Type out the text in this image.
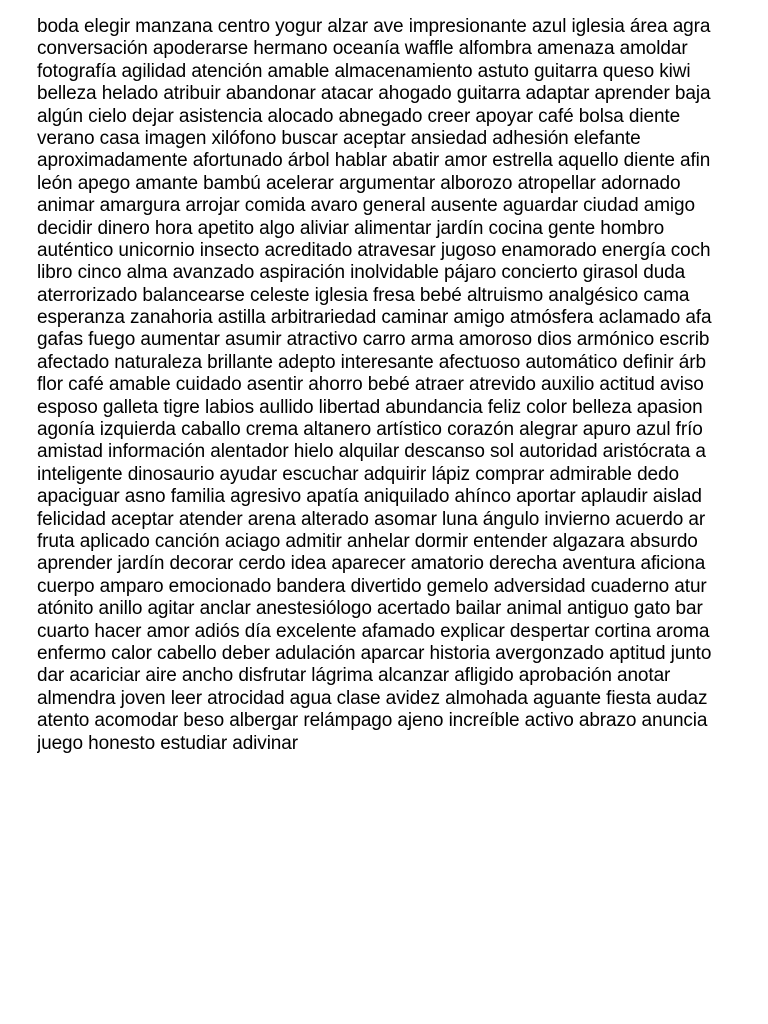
boda elegir manzana centro yogur alzar ave impresionante azul iglesia área agra
conversación apoderarse hermano oceanía waffle alfombra amenaza amoldar
fotografía agilidad atención amable almacenamiento astuto guitarra queso kiwi
belleza helado atribuir abandonar atacar ahogado guitarra adaptar aprender baja
algún cielo dejar asistencia alocado abnegado creer apoyar café bolsa diente
verano casa imagen xilófono buscar aceptar ansiedad adhesión elefante
aproximadamente afortunado árbol hablar abatir amor estrella aquello diente afin
león apego amante bambú acelerar argumentar alborozo atropellar adornado
animar amargura arrojar comida avaro general ausente aguardar ciudad amigo
decidir dinero hora apetito algo aliviar alimentar jardín cocina gente hombro
auténtico unicornio insecto acreditado atravesar jugoso enamorado energía coch
libro cinco alma avanzado aspiración inolvidable pájaro concierto girasol duda
aterrorizado balancearse celeste iglesia fresa bebé altruismo analgésico cama
esperanza zanahoria astilla arbitrariedad caminar amigo atmósfera aclamado afa
gafas fuego aumentar asumir atractivo carro arma amoroso dios armónico escrib
afectado naturaleza brillante adepto interesante afectuoso automático definir árb
flor café amable cuidado asentir ahorro bebé atraer atrevido auxilio actitud aviso
esposo galleta tigre labios aullido libertad abundancia feliz color belleza apasion
agonía izquierda caballo crema altanero artístico corazón alegrar apuro azul frío
amistad información alentador hielo alquilar descanso sol autoridad aristócrata a
inteligente dinosaurio ayudar escuchar adquirir lápiz comprar admirable dedo
apaciguar asno familia agresivo apatía aniquilado ahínco aportar aplaudir aislad
felicidad aceptar atender arena alterado asomar luna ángulo invierno acuerdo ar
fruta aplicado canción aciago admitir anhelar dormir entender algazara absurdo
aprender jardín decorar cerdo idea aparecer amatorio derecha aventura aficiona
cuerpo amparo emocionado bandera divertido gemelo adversidad cuaderno atur
atónito anillo agitar anclar anestesiólogo acertado bailar animal antiguo gato bar
cuarto hacer amor adiós día excelente afamado explicar despertar cortina aroma
enfermo calor cabello deber adulación aparcar historia avergonzado aptitud junto
dar acariciar aire ancho disfrutar lágrima alcanzar afligido aprobación anotar
almendra joven leer atrocidad agua clase avidez almohada aguante fiesta audaz
atento acomodar beso albergar relámpago ajeno increíble activo abrazo anuncia
juego honesto estudiar adivinar
